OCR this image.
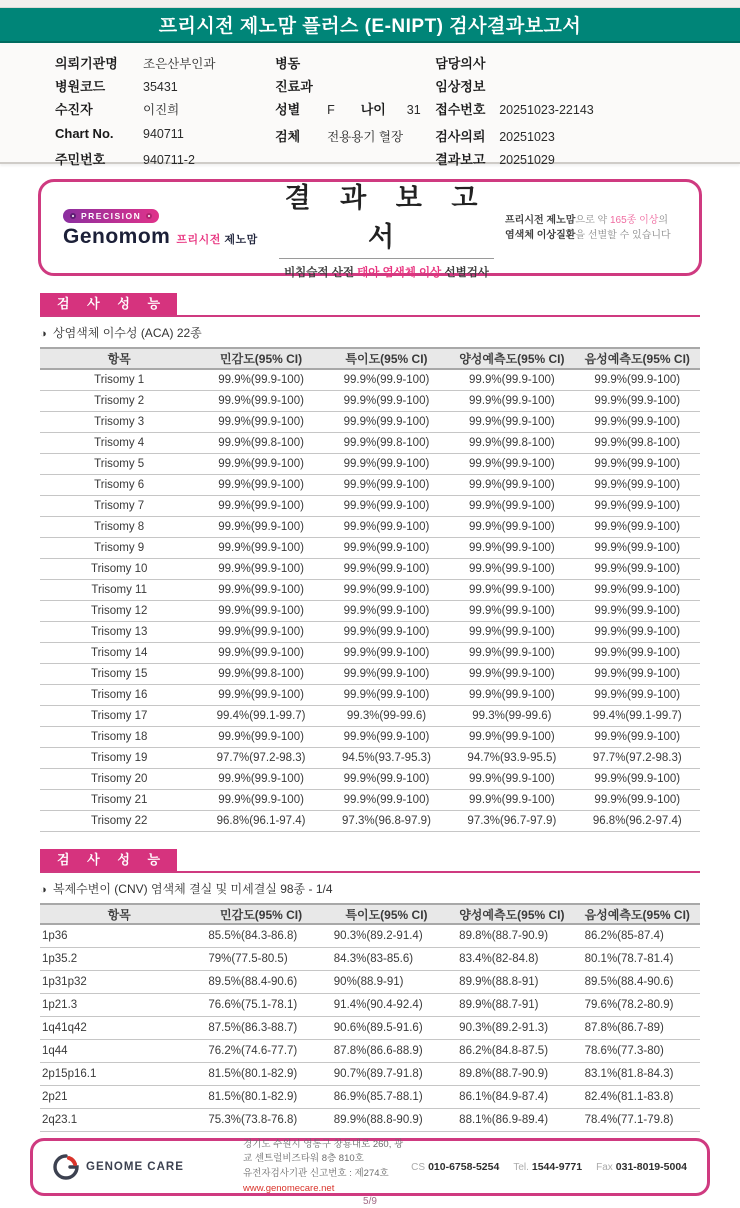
프리시전 제노맘 플러스 (E-NIPT) 검사결과보고서
의뢰기관명	조은산부인과
병원코드	35431
수진자	이진희
Chart No.	940711
주민번호	940711-2
병동
진료과
성별	F 나이	31
검체	전용용기 혈장
담당의사
임상정보
접수번호	20251023-22143
검사의뢰	20251023
결과보고	20251029
PRECISION
Genomom 프리시전 제노맘
결 과 보 고 서
비침습적 산전 태아 염색체 이상 선별검사
프리시전 제노맘으로 약 165종 이상의
염색체 이상질환을 선별할 수 있습니다
검 사 성 능
◑ 상염색체 이수성 (ACA) 22종
항목	민감도(95% CI)	특이도(95% CI)	양성예측도(95% CI)	음성예측도(95% CI)
Trisomy 1	99.9%(99.9-100)	99.9%(99.9-100)	99.9%(99.9-100)	99.9%(99.9-100)
Trisomy 2	99.9%(99.9-100)	99.9%(99.9-100)	99.9%(99.9-100)	99.9%(99.9-100)
Trisomy 3	99.9%(99.9-100)	99.9%(99.9-100)	99.9%(99.9-100)	99.9%(99.9-100)
Trisomy 4	99.9%(99.8-100)	99.9%(99.8-100)	99.9%(99.8-100)	99.9%(99.8-100)
Trisomy 5	99.9%(99.9-100)	99.9%(99.9-100)	99.9%(99.9-100)	99.9%(99.9-100)
Trisomy 6	99.9%(99.9-100)	99.9%(99.9-100)	99.9%(99.9-100)	99.9%(99.9-100)
Trisomy 7	99.9%(99.9-100)	99.9%(99.9-100)	99.9%(99.9-100)	99.9%(99.9-100)
Trisomy 8	99.9%(99.9-100)	99.9%(99.9-100)	99.9%(99.9-100)	99.9%(99.9-100)
Trisomy 9	99.9%(99.9-100)	99.9%(99.9-100)	99.9%(99.9-100)	99.9%(99.9-100)
Trisomy 10	99.9%(99.9-100)	99.9%(99.9-100)	99.9%(99.9-100)	99.9%(99.9-100)
Trisomy 11	99.9%(99.9-100)	99.9%(99.9-100)	99.9%(99.9-100)	99.9%(99.9-100)
Trisomy 12	99.9%(99.9-100)	99.9%(99.9-100)	99.9%(99.9-100)	99.9%(99.9-100)
Trisomy 13	99.9%(99.9-100)	99.9%(99.9-100)	99.9%(99.9-100)	99.9%(99.9-100)
Trisomy 14	99.9%(99.9-100)	99.9%(99.9-100)	99.9%(99.9-100)	99.9%(99.9-100)
Trisomy 15	99.9%(99.8-100)	99.9%(99.9-100)	99.9%(99.9-100)	99.9%(99.9-100)
Trisomy 16	99.9%(99.9-100)	99.9%(99.9-100)	99.9%(99.9-100)	99.9%(99.9-100)
Trisomy 17	99.4%(99.1-99.7)	99.3%(99-99.6)	99.3%(99-99.6)	99.4%(99.1-99.7)
Trisomy 18	99.9%(99.9-100)	99.9%(99.9-100)	99.9%(99.9-100)	99.9%(99.9-100)
Trisomy 19	97.7%(97.2-98.3)	94.5%(93.7-95.3)	94.7%(93.9-95.5)	97.7%(97.2-98.3)
Trisomy 20	99.9%(99.9-100)	99.9%(99.9-100)	99.9%(99.9-100)	99.9%(99.9-100)
Trisomy 21	99.9%(99.9-100)	99.9%(99.9-100)	99.9%(99.9-100)	99.9%(99.9-100)
Trisomy 22	96.8%(96.1-97.4)	97.3%(96.8-97.9)	97.3%(96.7-97.9)	96.8%(96.2-97.4)
검 사 성 능
◑ 복제수변이 (CNV) 염색체 결실 및 미세결실 98종 - 1/4
항목	민감도(95% CI)	특이도(95% CI)	양성예측도(95% CI)	음성예측도(95% CI)
1p36	85.5%(84.3-86.8)	90.3%(89.2-91.4)	89.8%(88.7-90.9)	86.2%(85-87.4)
1p35.2	79%(77.5-80.5)	84.3%(83-85.6)	83.4%(82-84.8)	80.1%(78.7-81.4)
1p31p32	89.5%(88.4-90.6)	90%(88.9-91)	89.9%(88.8-91)	89.5%(88.4-90.6)
1p21.3	76.6%(75.1-78.1)	91.4%(90.4-92.4)	89.9%(88.7-91)	79.6%(78.2-80.9)
1q41q42	87.5%(86.3-88.7)	90.6%(89.5-91.6)	90.3%(89.2-91.3)	87.8%(86.7-89)
1q44	76.2%(74.6-77.7)	87.8%(86.6-88.9)	86.2%(84.8-87.5)	78.6%(77.3-80)
2p15p16.1	81.5%(80.1-82.9)	90.7%(89.7-91.8)	89.8%(88.7-90.9)	83.1%(81.8-84.3)
2p21	81.5%(80.1-82.9)	86.9%(85.7-88.1)	86.1%(84.9-87.4)	82.4%(81.1-83.8)
2q23.1	75.3%(73.8-76.8)	89.9%(88.8-90.9)	88.1%(86.9-89.4)	78.4%(77.1-79.8)
GENOME CARE
경기도 수원시 영통구 창룡대로 260, 광교 센트럴비즈타워 8층 810호
유전자검사기관 신고번호 : 제274호
www.genomecare.net
CS 010-6758-5254 Tel. 1544-9771 Fax 031-8019-5004
5/9
